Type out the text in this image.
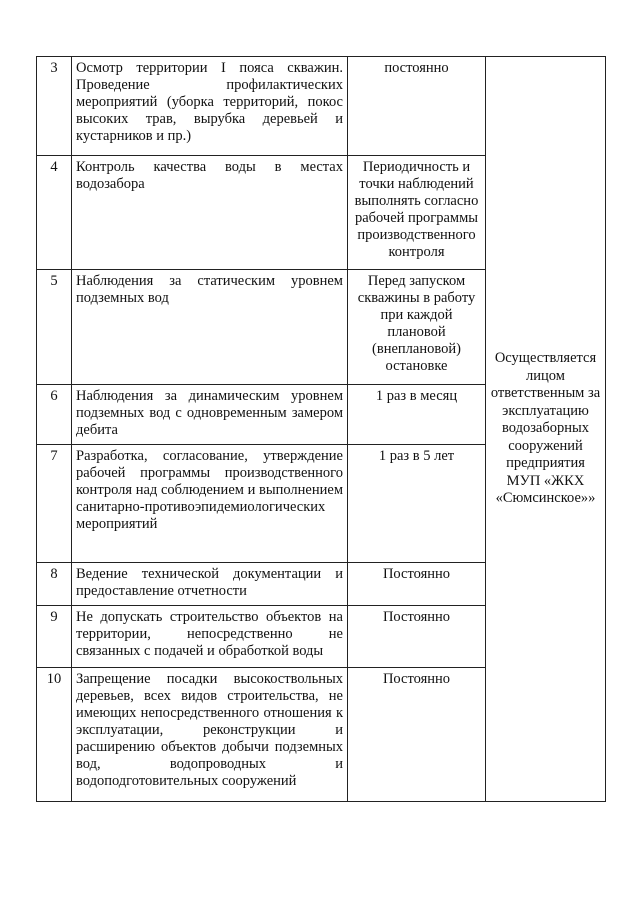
3	Осмотр территории I пояса скважин. Проведение профилактических мероприятий (уборка территорий, покос высоких трав, вырубка деревьей и кустарников и пр.)	постоянно	Осуществляется лицом ответственным за эксплуатацию водозаборных сооружений предприятия МУП «ЖКХ «Сюмсинское»»
4	Контроль качества воды в местах водозабора	Периодичность и точки наблюдений выполнять согласно рабочей программы производственного контроля	
5	Наблюдения за статическим уровнем подземных вод	Перед запуском скважины в работу при каждой плановой (внеплановой) остановке	
6	Наблюдения за динамическим уровнем подземных вод с одновременным замером дебита	1 раз в месяц	
7	Разработка, согласование, утверждение рабочей программы производственного контроля над соблюдением и выполнением санитарно-противоэпидемиологических мероприятий	1 раз в 5 лет	
8	Ведение технической документации и предоставление отчетности	Постоянно	
9	Не допускать строительство объектов на территории, непосредственно не связанных с подачей и обработкой воды	Постоянно	
10	Запрещение посадки высокоствольных деревьев, всех видов строительства, не имеющих непосредственного отношения к эксплуатации, реконструкции и расширению объектов добычи подземных вод, водопроводных и водоподготовительных сооружений	Постоянно	
